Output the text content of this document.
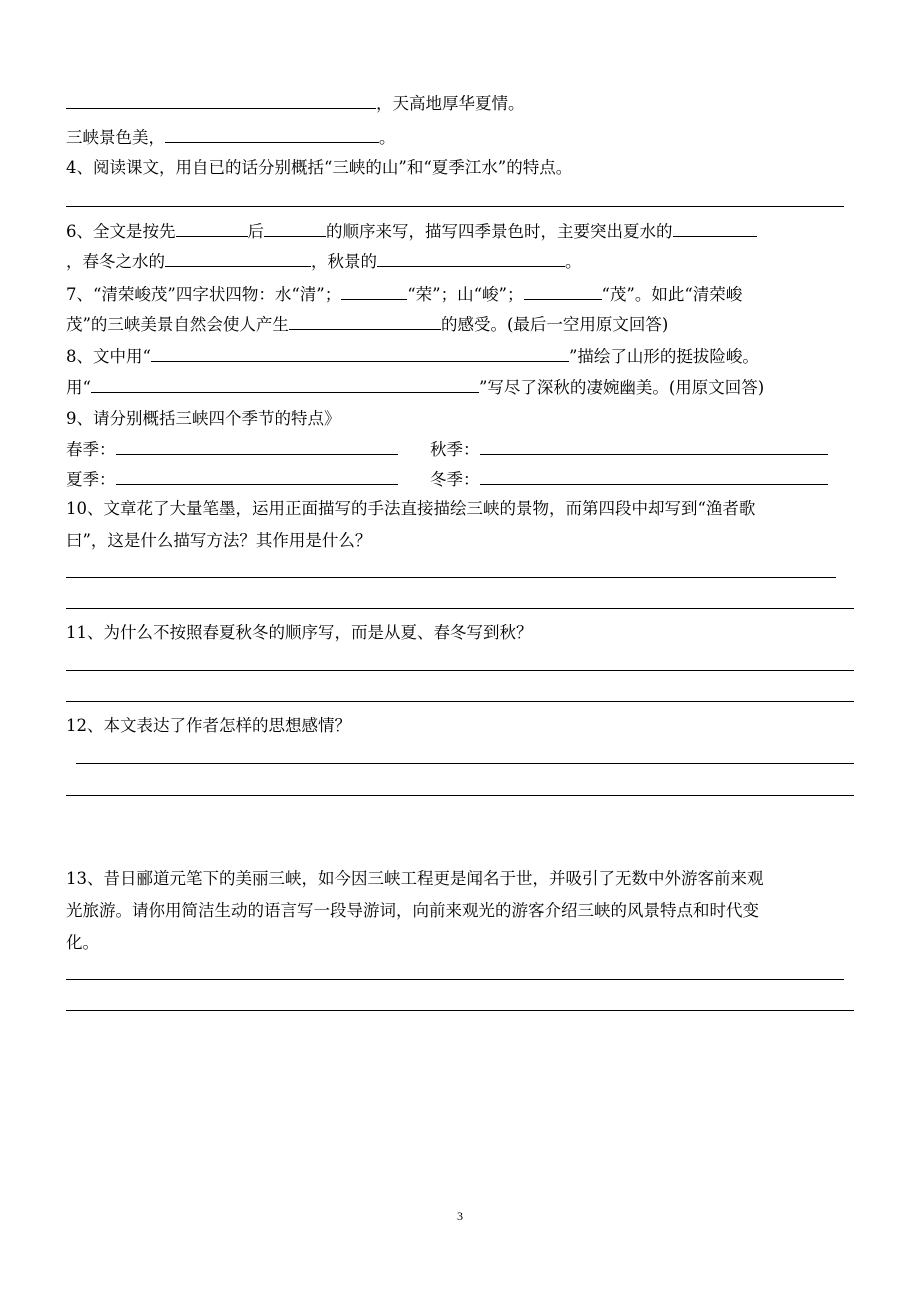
，天高地厚华夏情。
三峡景色美，	。
4、阅读课文，用自已的话分别概括“三峡的山”和“夏季江水”的特点。
6、全文是按先	后	的顺序来写，描写四季景色时，主要突出夏水的
，春冬之水的	，秋景的	。
7、“清荣峻茂”四字状四物：水“清”；	“荣”；山“峻”；	“茂”。如此“清荣峻
茂”的三峡美景自然会使人产生	的感受。(最后一空用原文回答)
8、文中用“	”描绘了山形的挺拔险峻。
用“	”写尽了深秋的凄婉幽美。(用原文回答)
9、请分别概括三峡四个季节的特点》
春季：	秋季：
夏季：	冬季：
10、文章花了大量笔墨，运用正面描写的手法直接描绘三峡的景物，而第四段中却写到“渔者歌
曰”，这是什么描写方法？其作用是什么？
11、为什么不按照春夏秋冬的顺序写，而是从夏、春冬写到秋？
12、本文表达了作者怎样的思想感情？
13、昔日郦道元笔下的美丽三峡，如今因三峡工程更是闻名于世，并吸引了无数中外游客前来观
光旅游。请你用简洁生动的语言写一段导游词，向前来观光的游客介绍三峡的风景特点和时代变
化。
3
